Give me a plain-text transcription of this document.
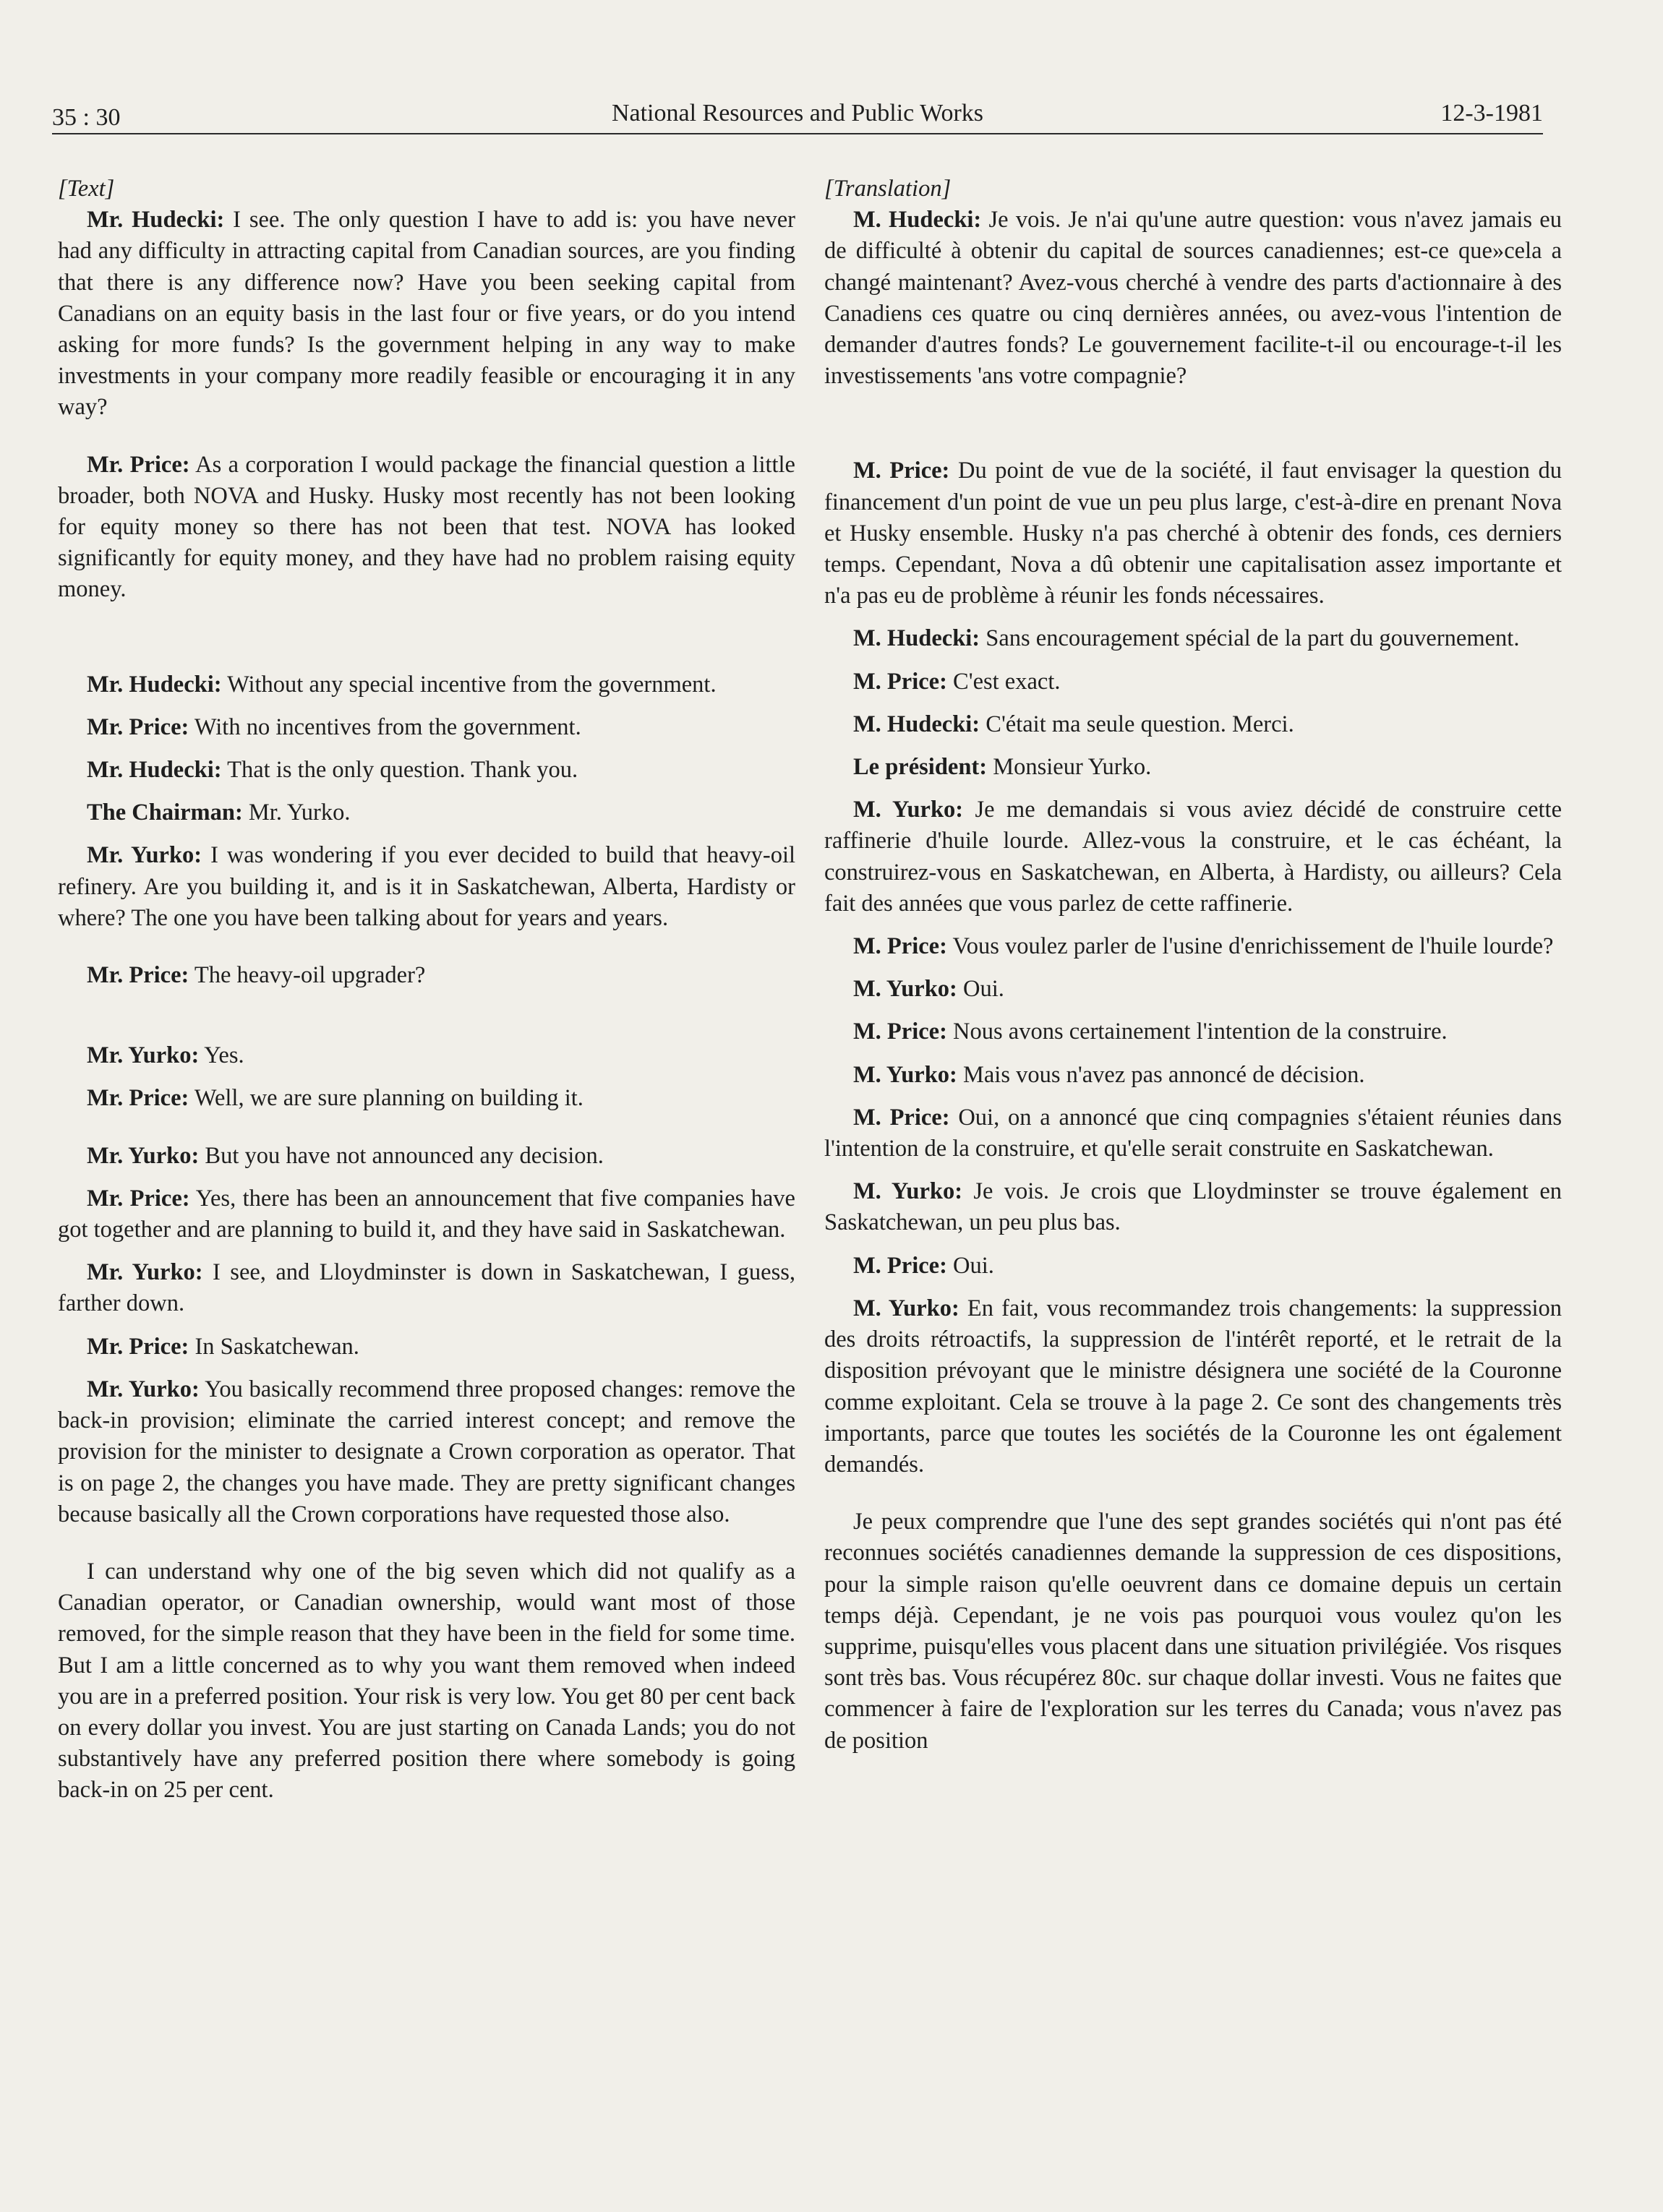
35 : 30	National Resources and Public Works	12-3-1981

[Text]

Mr. Hudecki: I see. The only question I have to add is: you have never had any difficulty in attracting capital from Canadian sources, are you finding that there is any difference now? Have you been seeking capital from Canadians on an equity basis in the last four or five years, or do you intend asking for more funds? Is the government helping in any way to make investments in your company more readily feasible or encouraging it in any way?

Mr. Price: As a corporation I would package the financial question a little broader, both NOVA and Husky. Husky most recently has not been looking for equity money so there has not been that test. NOVA has looked significantly for equity money, and they have had no problem raising equity money.

Mr. Hudecki: Without any special incentive from the government.

Mr. Price: With no incentives from the government.

Mr. Hudecki: That is the only question. Thank you.

The Chairman: Mr. Yurko.

Mr. Yurko: I was wondering if you ever decided to build that heavy-oil refinery. Are you building it, and is it in Saskatchewan, Alberta, Hardisty or where? The one you have been talking about for years and years.

Mr. Price: The heavy-oil upgrader?

Mr. Yurko: Yes.

Mr. Price: Well, we are sure planning on building it.

Mr. Yurko: But you have not announced any decision.

Mr. Price: Yes, there has been an announcement that five companies have got together and are planning to build it, and they have said in Saskatchewan.

Mr. Yurko: I see, and Lloydminster is down in Saskatchewan, I guess, farther down.

Mr. Price: In Saskatchewan.

Mr. Yurko: You basically recommend three proposed changes: remove the back-in provision; eliminate the carried interest concept; and remove the provision for the minister to designate a Crown corporation as operator. That is on page 2, the changes you have made. They are pretty significant changes because basically all the Crown corporations have requested those also.

I can understand why one of the big seven which did not qualify as a Canadian operator, or Canadian ownership, would want most of those removed, for the simple reason that they have been in the field for some time. But I am a little concerned as to why you want them removed when indeed you are in a preferred position. Your risk is very low. You get 80 per cent back on every dollar you invest. You are just starting on Canada Lands; you do not substantively have any preferred position there where somebody is going back-in on 25 per cent.

[Translation]

M. Hudecki: Je vois. Je n'ai qu'une autre question: vous n'avez jamais eu de difficulté à obtenir du capital de sources canadiennes; est-ce que»cela a changé maintenant? Avez-vous cherché à vendre des parts d'actionnaire à des Canadiens ces quatre ou cinq dernières années, ou avez-vous l'intention de demander d'autres fonds? Le gouvernement facilite-t-il ou encourage-t-il les investissements 'ans votre compagnie?

M. Price: Du point de vue de la société, il faut envisager la question du financement d'un point de vue un peu plus large, c'est-à-dire en prenant Nova et Husky ensemble. Husky n'a pas cherché à obtenir des fonds, ces derniers temps. Cependant, Nova a dû obtenir une capitalisation assez importante et n'a pas eu de problème à réunir les fonds nécessaires.

M. Hudecki: Sans encouragement spécial de la part du gouvernement.

M. Price: C'est exact.

M. Hudecki: C'était ma seule question. Merci.

Le président: Monsieur Yurko.

M. Yurko: Je me demandais si vous aviez décidé de construire cette raffinerie d'huile lourde. Allez-vous la construire, et le cas échéant, la construirez-vous en Saskatchewan, en Alberta, à Hardisty, ou ailleurs? Cela fait des années que vous parlez de cette raffinerie.

M. Price: Vous voulez parler de l'usine d'enrichissement de l'huile lourde?

M. Yurko: Oui.

M. Price: Nous avons certainement l'intention de la construire.

M. Yurko: Mais vous n'avez pas annoncé de décision.

M. Price: Oui, on a annoncé que cinq compagnies s'étaient réunies dans l'intention de la construire, et qu'elle serait construite en Saskatchewan.

M. Yurko: Je vois. Je crois que Lloydminster se trouve également en Saskatchewan, un peu plus bas.

M. Price: Oui.

M. Yurko: En fait, vous recommandez trois changements: la suppression des droits rétroactifs, la suppression de l'intérêt reporté, et le retrait de la disposition prévoyant que le ministre désignera une société de la Couronne comme exploitant. Cela se trouve à la page 2. Ce sont des changements très importants, parce que toutes les sociétés de la Couronne les ont également demandés.

Je peux comprendre que l'une des sept grandes sociétés qui n'ont pas été reconnues sociétés canadiennes demande la suppression de ces dispositions, pour la simple raison qu'elle oeuvrent dans ce domaine depuis un certain temps déjà. Cependant, je ne vois pas pourquoi vous voulez qu'on les supprime, puisqu'elles vous placent dans une situation privilégiée. Vos risques sont très bas. Vous récupérez 80c. sur chaque dollar investi. Vous ne faites que commencer à faire de l'exploration sur les terres du Canada; vous n'avez pas de position
